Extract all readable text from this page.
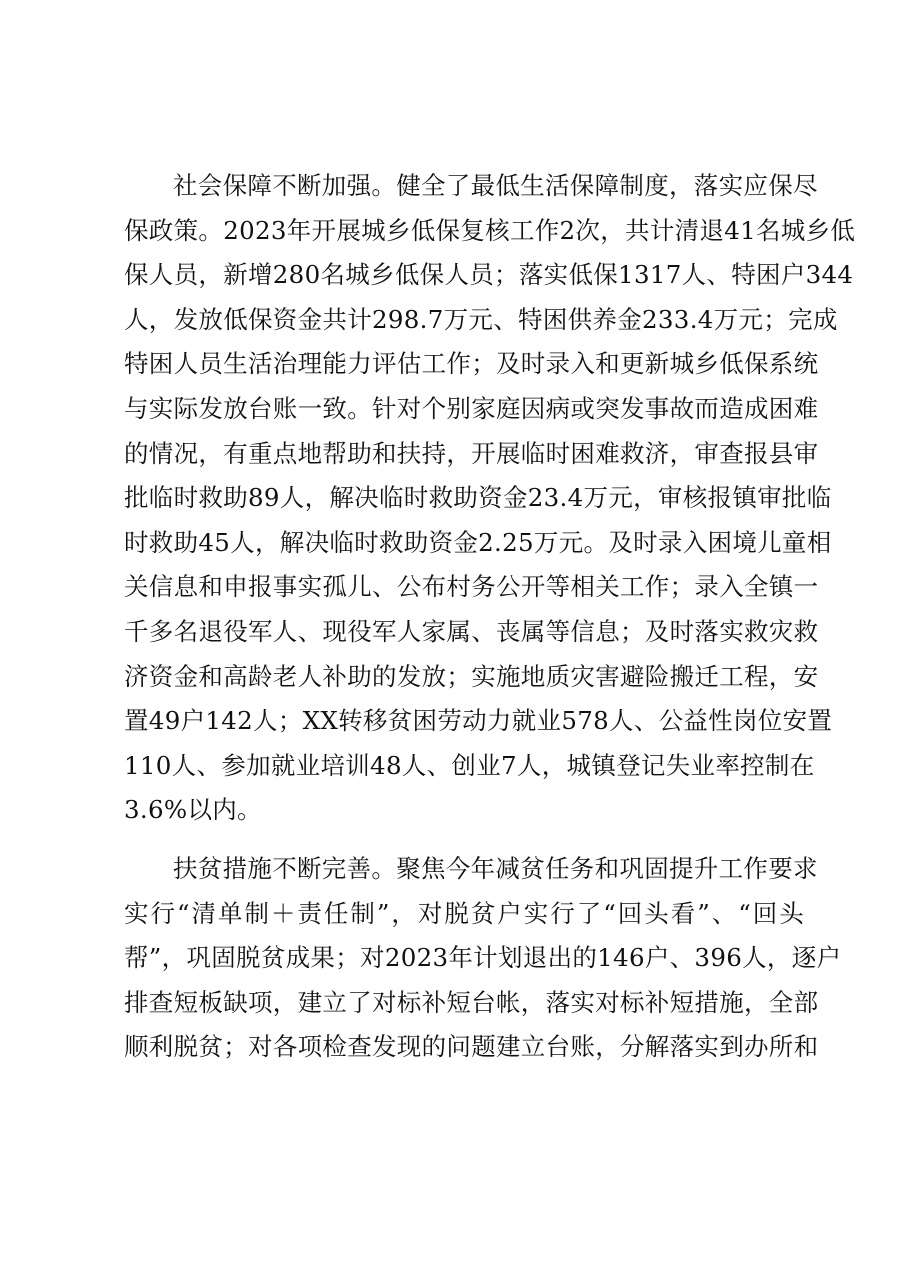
社会保障不断加强。健全了最低生活保障制度，落实应保尽
保政策。2023年开展城乡低保复核工作2次，共计清退41名城乡低
保人员，新增280名城乡低保人员；落实低保1317人、特困户344
人，发放低保资金共计298.7万元、特困供养金233.4万元；完成
特困人员生活治理能力评估工作；及时录入和更新城乡低保系统
与实际发放台账一致。针对个别家庭因病或突发事故而造成困难
的情况，有重点地帮助和扶持，开展临时困难救济，审查报县审
批临时救助89人，解决临时救助资金23.4万元，审核报镇审批临
时救助45人，解决临时救助资金2.25万元。及时录入困境儿童相
关信息和申报事实孤儿、公布村务公开等相关工作；录入全镇一
千多名退役军人、现役军人家属、丧属等信息；及时落实救灾救
济资金和高龄老人补助的发放；实施地质灾害避险搬迁工程，安
置49户142人；XX转移贫困劳动力就业578人、公益性岗位安置
110人、参加就业培训48人、创业7人，城镇登记失业率控制在
3.6%以内。
扶贫措施不断完善。聚焦今年减贫任务和巩固提升工作要求
实行“清单制＋责任制”，对脱贫户实行了“回头看”、“回头
帮”，巩固脱贫成果；对2023年计划退出的146户、396人，逐户
排查短板缺项，建立了对标补短台帐，落实对标补短措施，全部
顺利脱贫；对各项检查发现的问题建立台账，分解落实到办所和
